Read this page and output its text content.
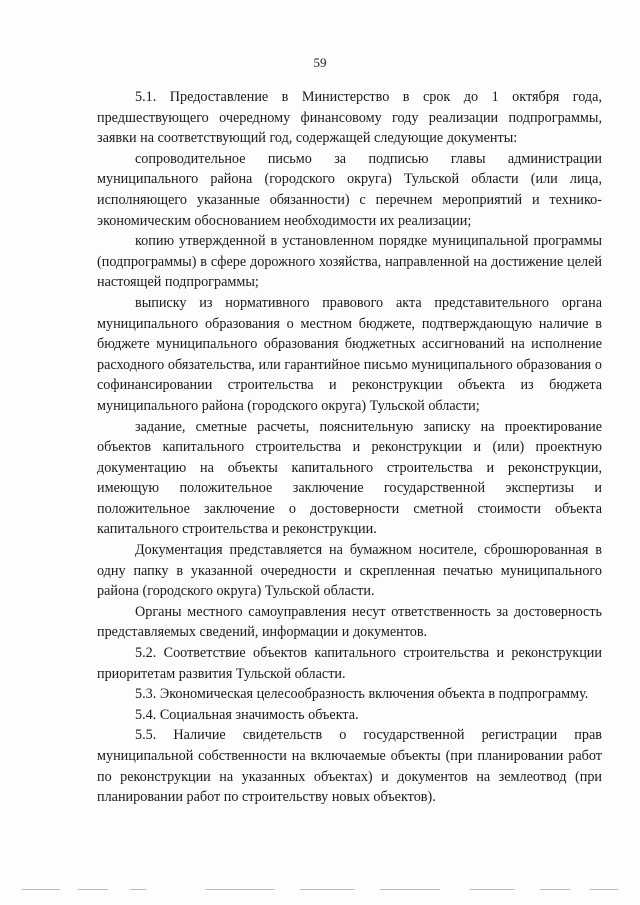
59

5.1. Предоставление в Министерство в срок до 1 октября года, предшествующего очередному финансовому году реализации подпрограммы, заявки на соответствующий год, содержащей следующие документы:

сопроводительное письмо за подписью главы администрации муниципального района (городского округа) Тульской области (или лица, исполняющего указанные обязанности) с перечнем мероприятий и технико-экономическим обоснованием необходимости их реализации;

копию утвержденной в установленном порядке муниципальной программы (подпрограммы) в сфере дорожного хозяйства, направленной на достижение целей настоящей подпрограммы;

выписку из нормативного правового акта представительного органа муниципального образования о местном бюджете, подтверждающую наличие в бюджете муниципального образования бюджетных ассигнований на исполнение расходного обязательства, или гарантийное письмо муниципального образования о софинансировании строительства и реконструкции объекта из бюджета муниципального района (городского округа) Тульской области;

задание, сметные расчеты, пояснительную записку на проектирование объектов капитального строительства и реконструкции и (или) проектную документацию на объекты капитального строительства и реконструкции, имеющую положительное заключение государственной экспертизы и положительное заключение о достоверности сметной стоимости объекта капитального строительства и реконструкции.

Документация представляется на бумажном носителе, сброшюрованная в одну папку в указанной очередности и скрепленная печатью муниципального района (городского округа) Тульской области.

Органы местного самоуправления несут ответственность за достоверность представляемых сведений, информации и документов.

5.2. Соответствие объектов капитального строительства и реконструкции приоритетам развития Тульской области.

5.3. Экономическая целесообразность включения объекта в подпрограмму.

5.4. Социальная значимость объекта.

5.5. Наличие свидетельств о государственной регистрации прав муниципальной собственности на включаемые объекты (при планировании работ по реконструкции на указанных объектах) и документов на землеотвод (при планировании работ по строительству новых объектов).
